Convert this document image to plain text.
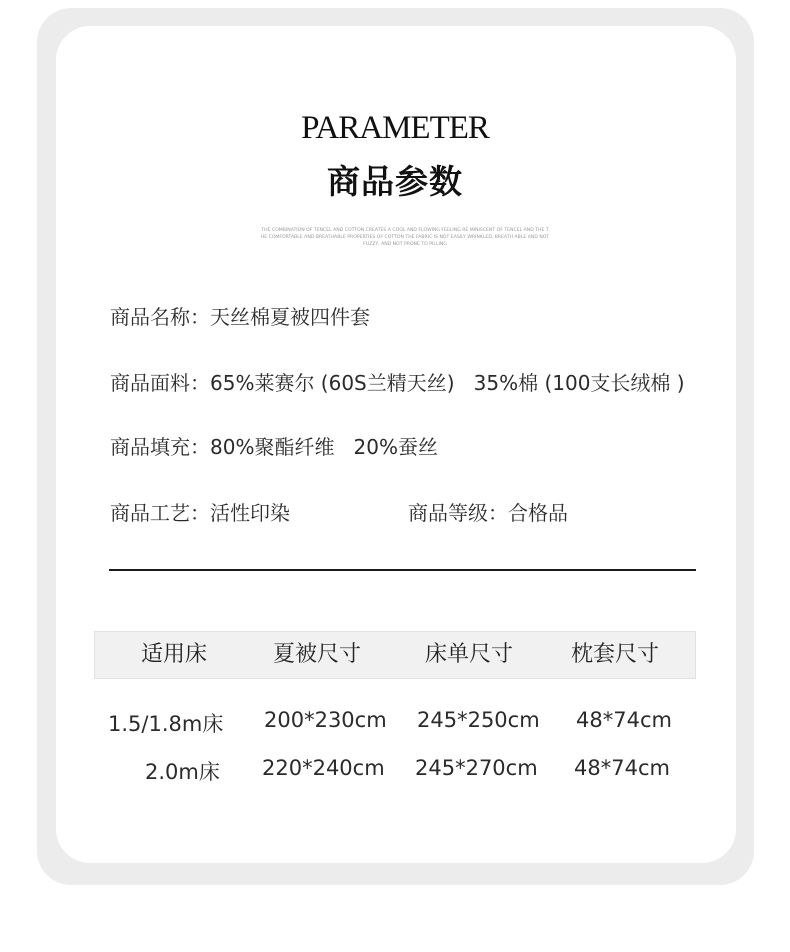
PARAMETER
商品参数
THE COMBINATION OF TENCEL AND COTTON CREATES A COOL AND FLOWING FEELING RE MINISCENT OF TENCEL AND THE THE COMFORTABLE AND BREATHABLE PROPERTIES OF COTTON THE FABRIC IS NOT EASILY WRINKLED, BREATH ABLE AND NOT FUZZY, AND NOT PRONE TO PILLING
商品名称：天丝棉夏被四件套
商品面料：65%莱赛尔 (60S兰精天丝)   35%棉 (100支长绒棉 )
商品填充：80%聚酯纤维   20%蚕丝
商品工艺：活性印染	商品等级：合格品
适用床	夏被尺寸	床单尺寸	枕套尺寸
1.5/1.8m床 200*230cm 245*250cm 48*74cm
2.0m床 220*240cm 245*270cm 48*74cm
